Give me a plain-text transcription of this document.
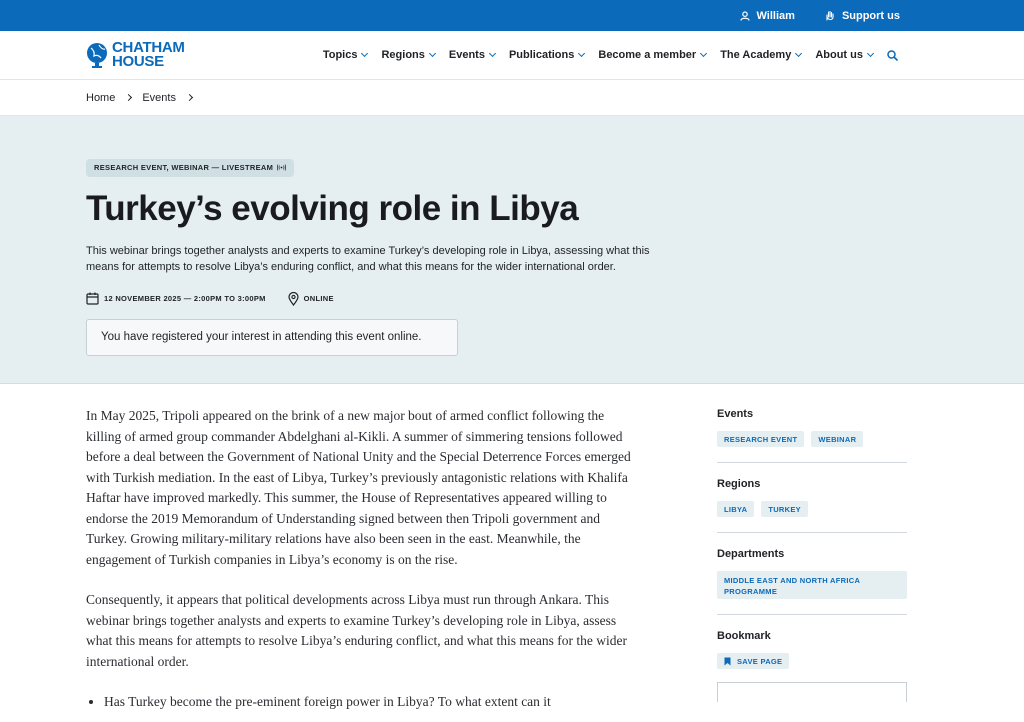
William	Support us
CHATHAM
HOUSE	Topics Regions Events Publications Become a member The Academy About us
Home Events
RESEARCH EVENT, WEBINAR — LIVESTREAM
Turkey’s evolving role in Libya

This webinar brings together analysts and experts to examine Turkey’s developing role in Libya, assessing what this means for attempts to resolve Libya’s enduring conflict, and what this means for the wider international order.

12 NOVEMBER 2025 — 2:00PM TO 3:00PM	ONLINE
You have registered your interest in attending this event online.

In May 2025, Tripoli appeared on the brink of a new major bout of armed conflict following the killing of armed group commander Abdelghani al-Kikli. A summer of simmering tensions followed before a deal between the Government of National Unity and the Special Deterrence Forces emerged with Turkish mediation. In the east of Libya, Turkey’s previously antagonistic relations with Khalifa Haftar have improved markedly. This summer, the House of Representatives appeared willing to endorse the 2019 Memorandum of Understanding signed between then Tripoli government and Turkey. Growing military-military relations have also been seen in the east. Meanwhile, the engagement of Turkish companies in Libya’s economy is on the rise.

Consequently, it appears that political developments across Libya must run through Ankara. This webinar brings together analysts and experts to examine Turkey’s developing role in Libya, assess what this means for attempts to resolve Libya’s enduring conflict, and what this means for the wider international order.

• Has Turkey become the pre-eminent foreign power in Libya? To what extent can it
Events
RESEARCH EVENT	WEBINAR
Regions
LIBYA	TURKEY
Departments
MIDDLE EAST AND NORTH AFRICA PROGRAMME
Bookmark
SAVE PAGE
